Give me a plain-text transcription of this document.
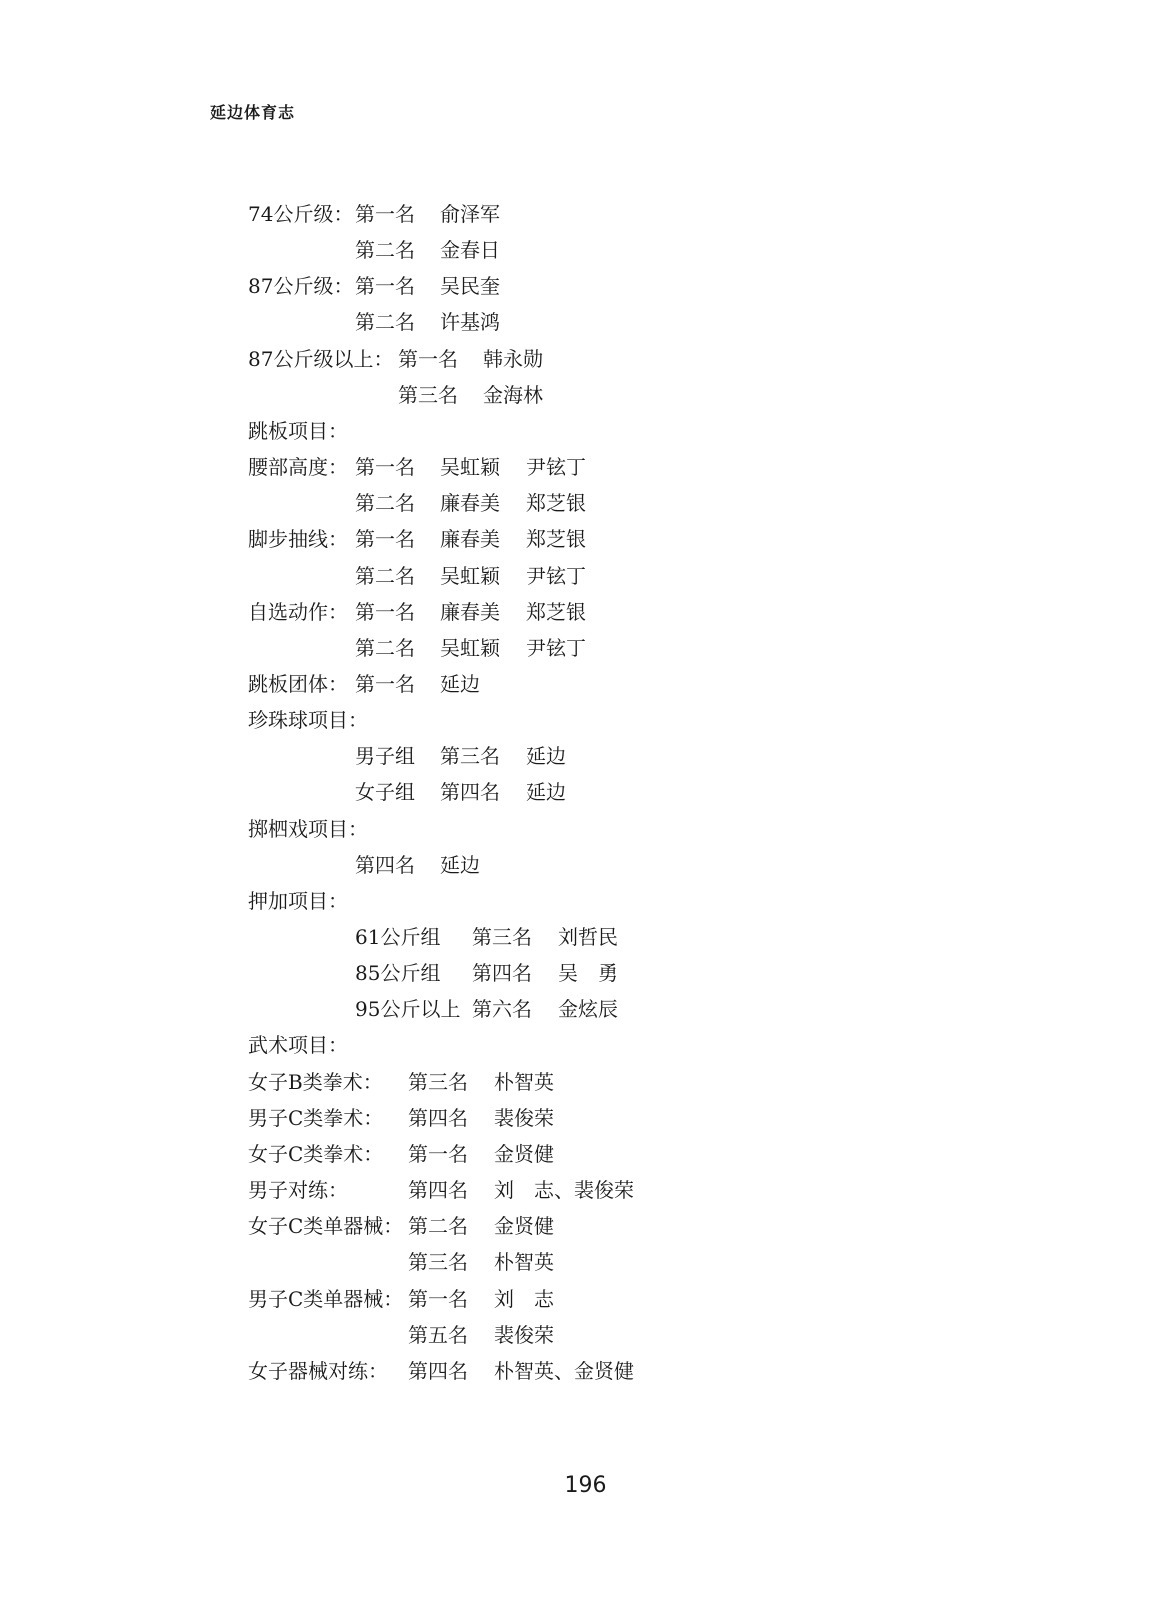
延边体育志
74公斤级： 第一名 俞泽军
第二名 金春日
87公斤级： 第一名 吴民奎
第二名 许基鸿
87公斤级以上： 第一名 韩永勋
第三名 金海林
跳板项目：
腰部高度： 第一名 吴虹颖 尹铉丁
第二名 廉春美 郑芝银
脚步抽线： 第一名 廉春美 郑芝银
第二名 吴虹颖 尹铉丁
自选动作： 第一名 廉春美 郑芝银
第二名 吴虹颖 尹铉丁
跳板团体： 第一名 延边
珍珠球项目：
男子组 第三名 延边
女子组 第四名 延边
掷柶戏项目：
第四名 延边
押加项目：
61公斤组 第三名 刘哲民
85公斤组 第四名 吴　勇
95公斤以上 第六名 金炫辰
武术项目：
女子B类拳术： 第三名 朴智英
男子C类拳术： 第四名 裴俊荣
女子C类拳术： 第一名 金贤健
男子对练：	第四名 刘　志、裴俊荣
女子C类单器械： 第二名 金贤健
第三名 朴智英
男子C类单器械： 第一名 刘　志
第五名 裴俊荣
女子器械对练： 第四名 朴智英、金贤健
196
